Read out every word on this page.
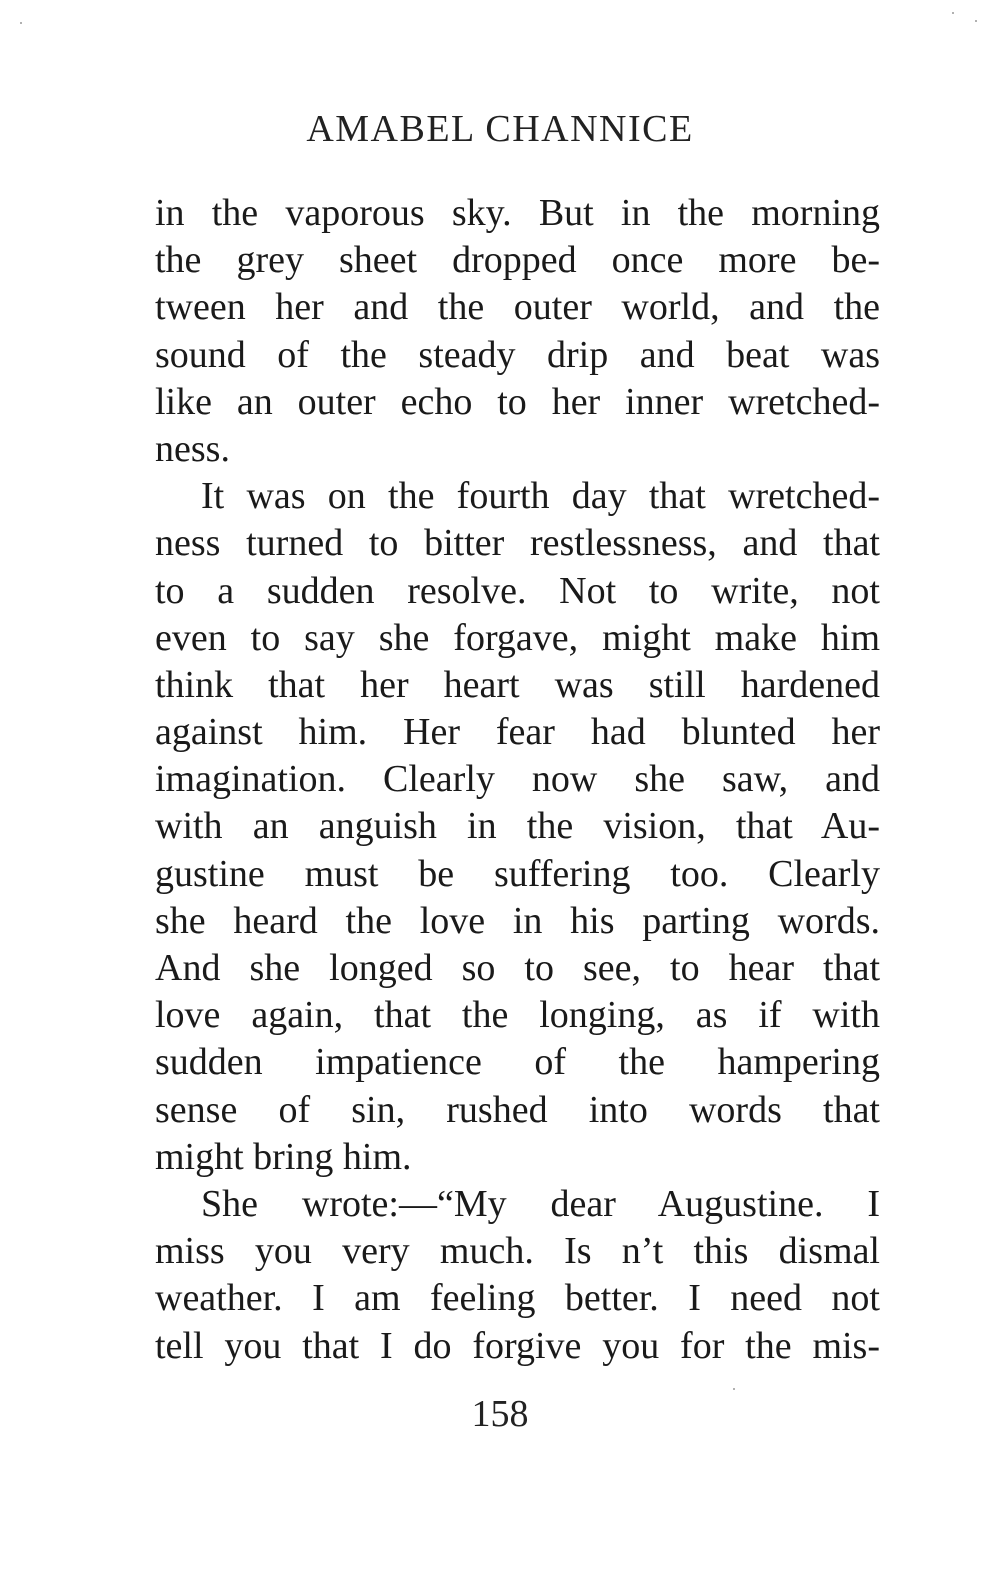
AMABEL CHANNICE
in the vaporous sky. But in the morning
the grey sheet dropped once more be-
tween her and the outer world, and the
sound of the steady drip and beat was
like an outer echo to her inner wretched-
ness.
It was on the fourth day that wretched-
ness turned to bitter restlessness, and that
to a sudden resolve. Not to write, not
even to say she forgave, might make him
think that her heart was still hardened
against him. Her fear had blunted her
imagination. Clearly now she saw, and
with an anguish in the vision, that Au-
gustine must be suffering too. Clearly
she heard the love in his parting words.
And she longed so to see, to hear that
love again, that the longing, as if with
sudden impatience of the hampering
sense of sin, rushed into words that
might bring him.
She wrote:—“My dear Augustine. I
miss you very much. Is n’t this dismal
weather. I am feeling better. I need not
tell you that I do forgive you for the mis-
158
